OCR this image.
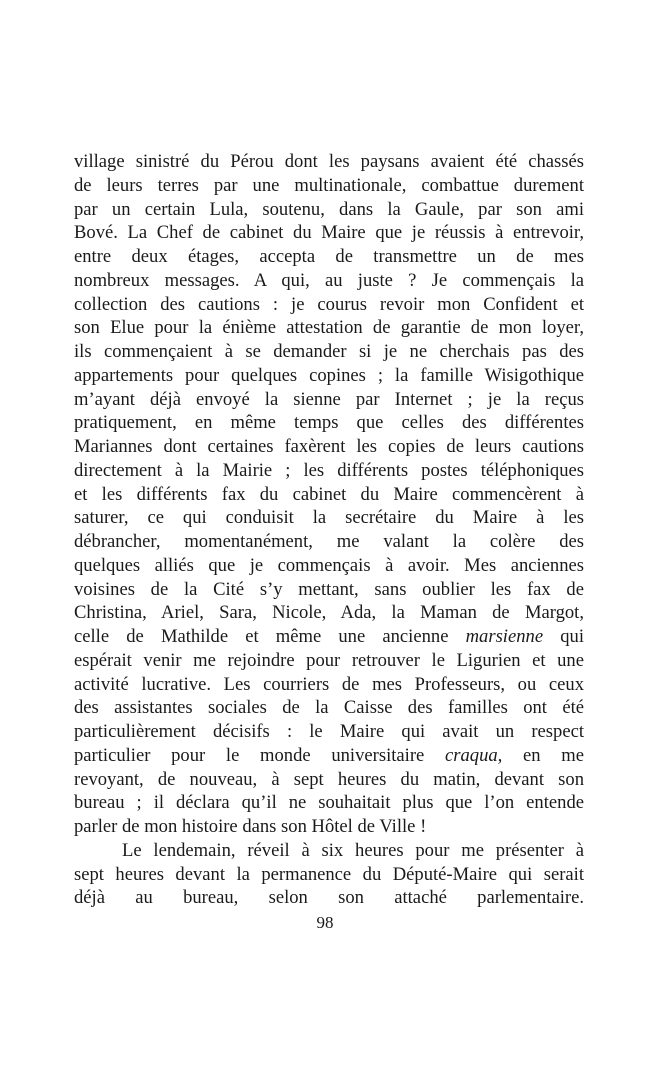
village sinistré du Pérou dont les paysans avaient été chassés
de leurs terres par une multinationale, combattue durement
par un certain Lula, soutenu, dans la Gaule, par son ami
Bové. La Chef de cabinet du Maire que je réussis à entrevoir,
entre deux étages, accepta de transmettre un de mes
nombreux messages. A qui, au juste ? Je commençais la
collection des cautions : je courus revoir mon Confident et
son Elue pour la énième attestation de garantie de mon loyer,
ils commençaient à se demander si je ne cherchais pas des
appartements pour quelques copines ; la famille Wisigothique
m’ayant déjà envoyé la sienne par Internet ; je la reçus
pratiquement, en même temps que celles des différentes
Mariannes dont certaines faxèrent les copies de leurs cautions
directement à la Mairie ; les différents postes téléphoniques
et les différents fax du cabinet du Maire commencèrent à
saturer, ce qui conduisit la secrétaire du Maire à les
débrancher, momentanément, me valant la colère des
quelques alliés que je commençais à avoir. Mes anciennes
voisines de la Cité s’y mettant, sans oublier les fax de
Christina, Ariel, Sara, Nicole, Ada, la Maman de Margot,
celle de Mathilde et même une ancienne marsienne qui
espérait venir me rejoindre pour retrouver le Ligurien et une
activité lucrative. Les courriers de mes Professeurs, ou ceux
des assistantes sociales de la Caisse des familles ont été
particulièrement décisifs : le Maire qui avait un respect
particulier pour le monde universitaire craqua, en me
revoyant, de nouveau, à sept heures du matin, devant son
bureau ; il déclara qu’il ne souhaitait plus que l’on entende
parler de mon histoire dans son Hôtel de Ville !
Le lendemain, réveil à six heures pour me présenter à
sept heures devant la permanence du Député-Maire qui serait
déjà au bureau, selon son attaché parlementaire.
98
